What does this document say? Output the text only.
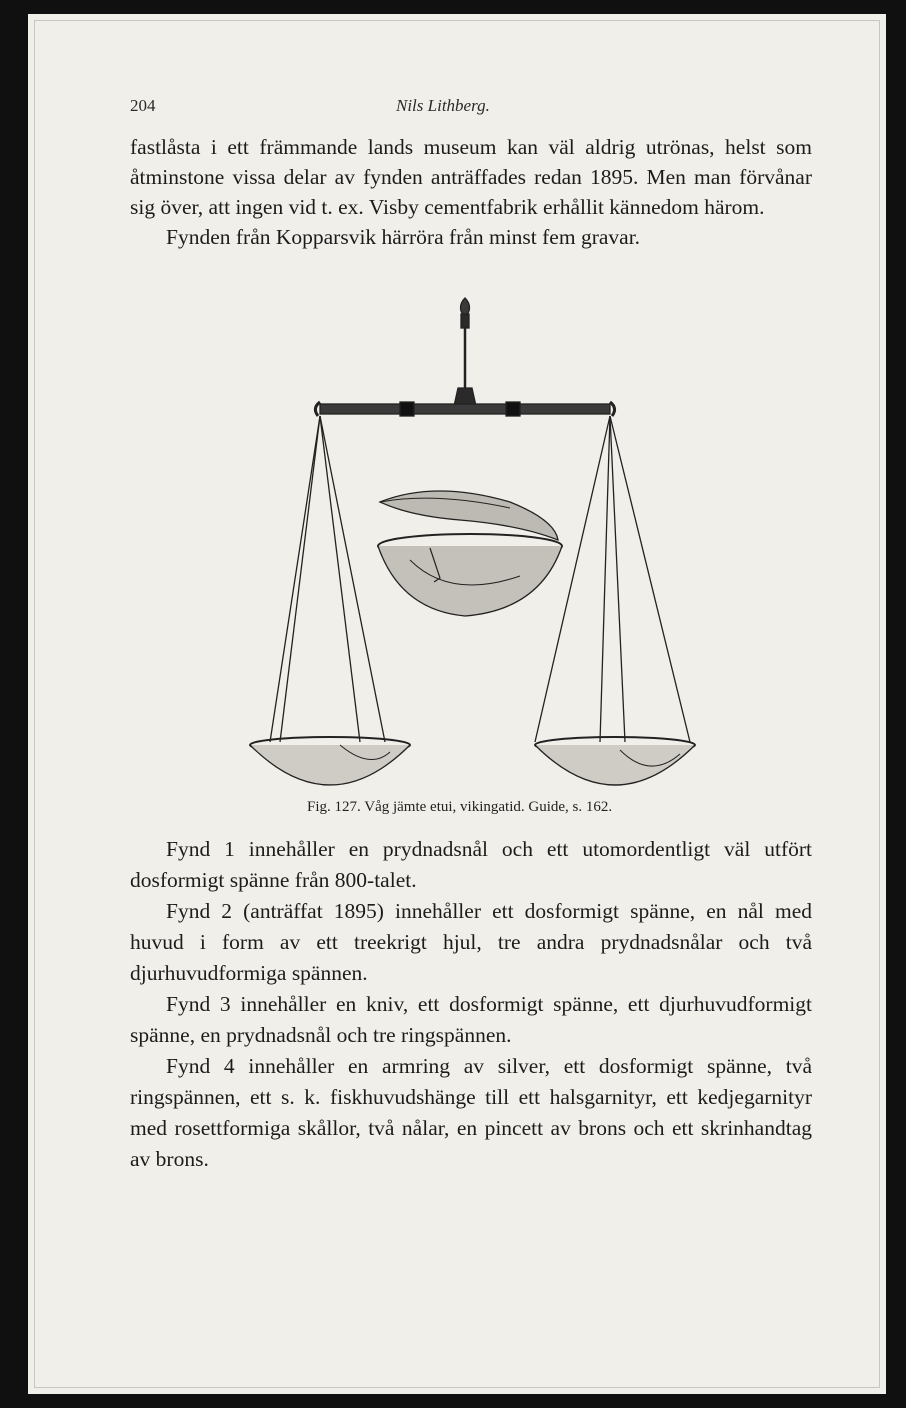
204	Nils Lithberg.

fastlåsta i ett främmande lands museum kan väl aldrig utrönas, helst som åtminstone vissa delar av fynden anträffades redan 1895. Men man förvånar sig över, att ingen vid t. ex. Visby cementfabrik erhållit kännedom härom.

Fynden från Kopparsvik härröra från minst fem gravar.

Fig. 127. Våg jämte etui, vikingatid. Guide, s. 162.

Fynd 1 innehåller en prydnadsnål och ett utomordentligt väl utfört dosformigt spänne från 800-talet.

Fynd 2 (anträffat 1895) innehåller ett dosformigt spänne, en nål med huvud i form av ett treekrigt hjul, tre andra prydnadsnålar och två djurhuvudformiga spännen.

Fynd 3 innehåller en kniv, ett dosformigt spänne, ett djurhuvudformigt spänne, en prydnadsnål och tre ringspännen.

Fynd 4 innehåller en armring av silver, ett dosformigt spänne, två ringspännen, ett s. k. fiskhuvudshänge till ett halsgarnityr, ett kedjegarnityr med rosettformiga skållor, två nålar, en pincett av brons och ett skrinhandtag av brons.
